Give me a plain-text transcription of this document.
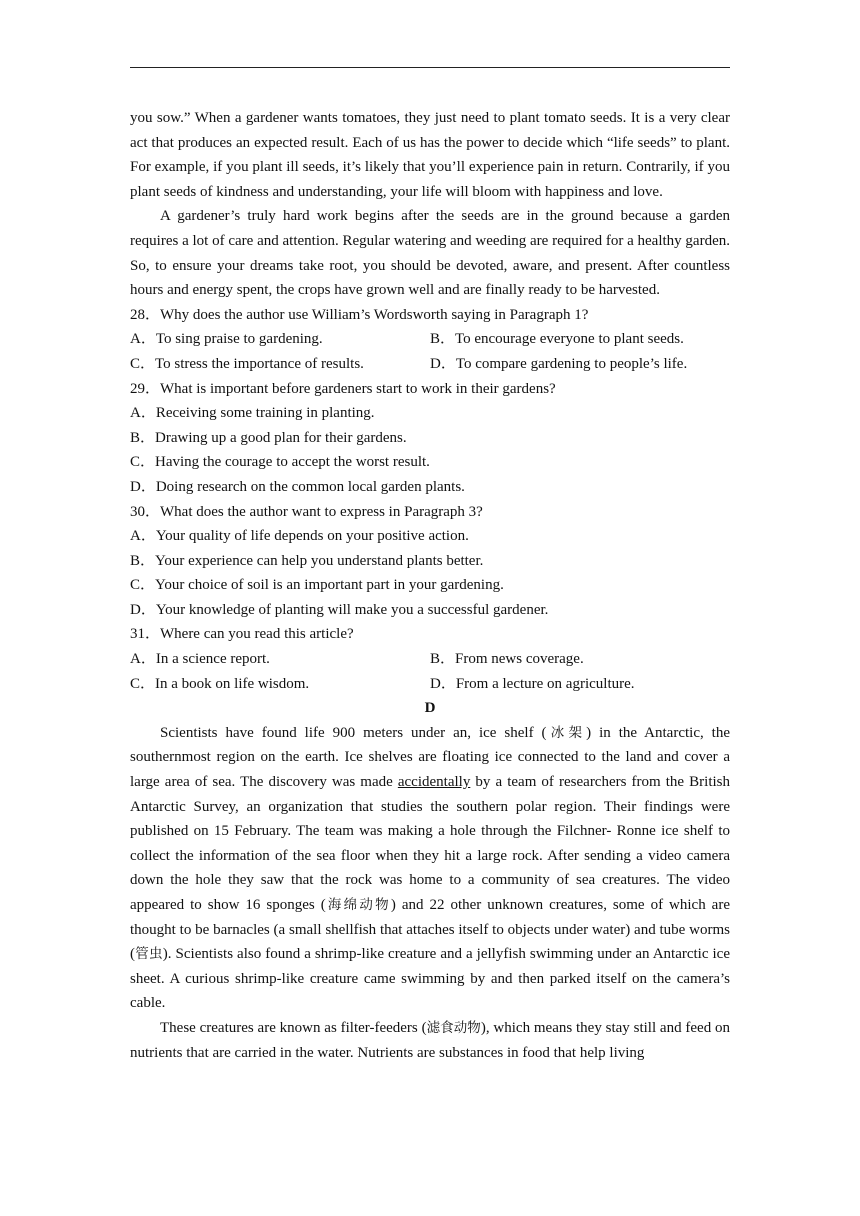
you sow.” When a gardener wants tomatoes, they just need to plant tomato seeds. It is a very clear act that produces an expected result. Each of us has the power to decide which “life seeds” to plant. For example, if you plant ill seeds, it’s likely that you’ll experience pain in return. Contrarily, if you plant seeds of kindness and understanding, your life will bloom with happiness and love.

A gardener’s truly hard work begins after the seeds are in the ground because a garden requires a lot of care and attention. Regular watering and weeding are required for a healthy garden. So, to ensure your dreams take root, you should be devoted, aware, and present. After countless hours and energy spent, the crops have grown well and are finally ready to be harvested.

28．Why does the author use William’s Wordsworth saying in Paragraph 1?

A．To sing praise to gardening.	B．To encourage everyone to plant seeds.
C．To stress the importance of results.	D．To compare gardening to people’s life.

29．What is important before gardeners start to work in their gardens?

A．Receiving some training in planting.

B．Drawing up a good plan for their gardens.

C．Having the courage to accept the worst result.

D．Doing research on the common local garden plants.

30．What does the author want to express in Paragraph 3?

A．Your quality of life depends on your positive action.

B．Your experience can help you understand plants better.

C．Your choice of soil is an important part in your gardening.

D．Your knowledge of planting will make you a successful gardener.

31．Where can you read this article?

A．In a science report.	B．From news coverage.
C．In a book on life wisdom.	D．From a lecture on agriculture.
D

Scientists have found life 900 meters under an, ice shelf (冰架) in the Antarctic, the southernmost region on the earth. Ice shelves are floating ice connected to the land and cover a large area of sea. The discovery was made accidentally by a team of researchers from the British Antarctic Survey, an organization that studies the southern polar region. Their findings were published on 15 February. The team was making a hole through the Filchner- Ronne ice shelf to collect the information of the sea floor when they hit a large rock. After sending a video camera down the hole they saw that the rock was home to a community of sea creatures. The video appeared to show 16 sponges (海绵动物) and 22 other unknown creatures, some of which are thought to be barnacles (a small shellfish that attaches itself to objects under water) and tube worms (管虫). Scientists also found a shrimp-like creature and a jellyfish swimming under an Antarctic ice sheet. A curious shrimp-like creature came swimming by and then parked itself on the camera’s cable.

These creatures are known as filter-feeders (滤食动物), which means they stay still and feed on nutrients that are carried in the water. Nutrients are substances in food that help living
